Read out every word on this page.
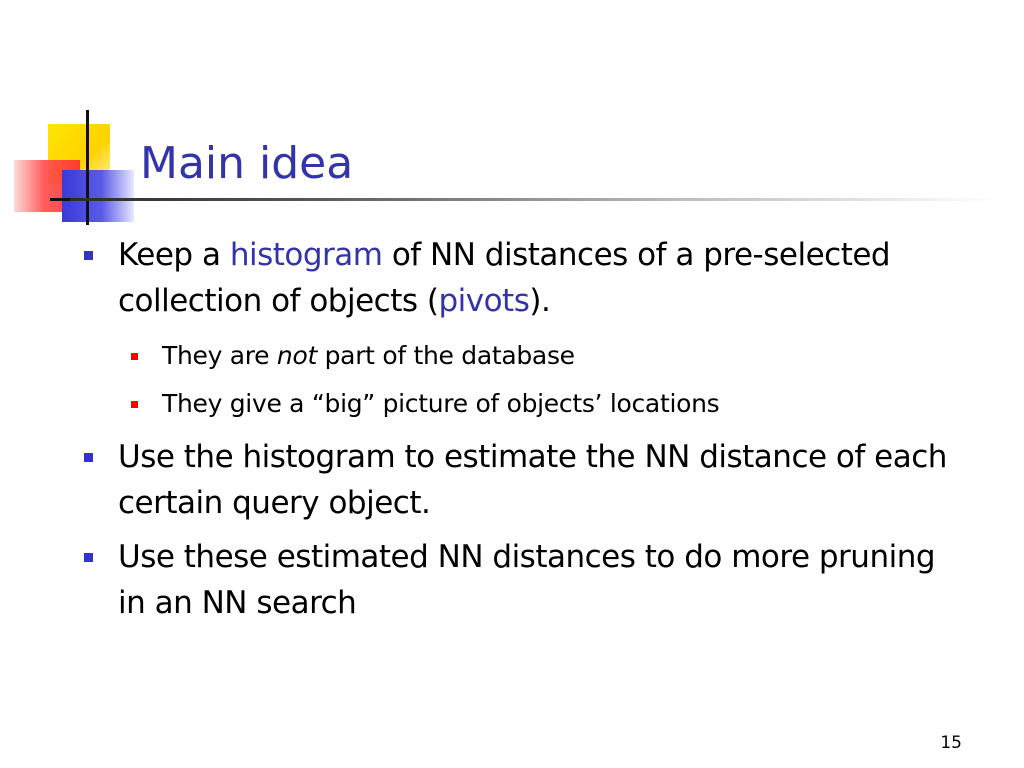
Main idea
Keep a histogram of NN distances of a pre-selected collection of objects (pivots).
They are not part of the database
They give a “big” picture of objects’ locations
Use the histogram to estimate the NN distance of each certain query object.
Use these estimated NN distances to do more pruning in an NN search
15
